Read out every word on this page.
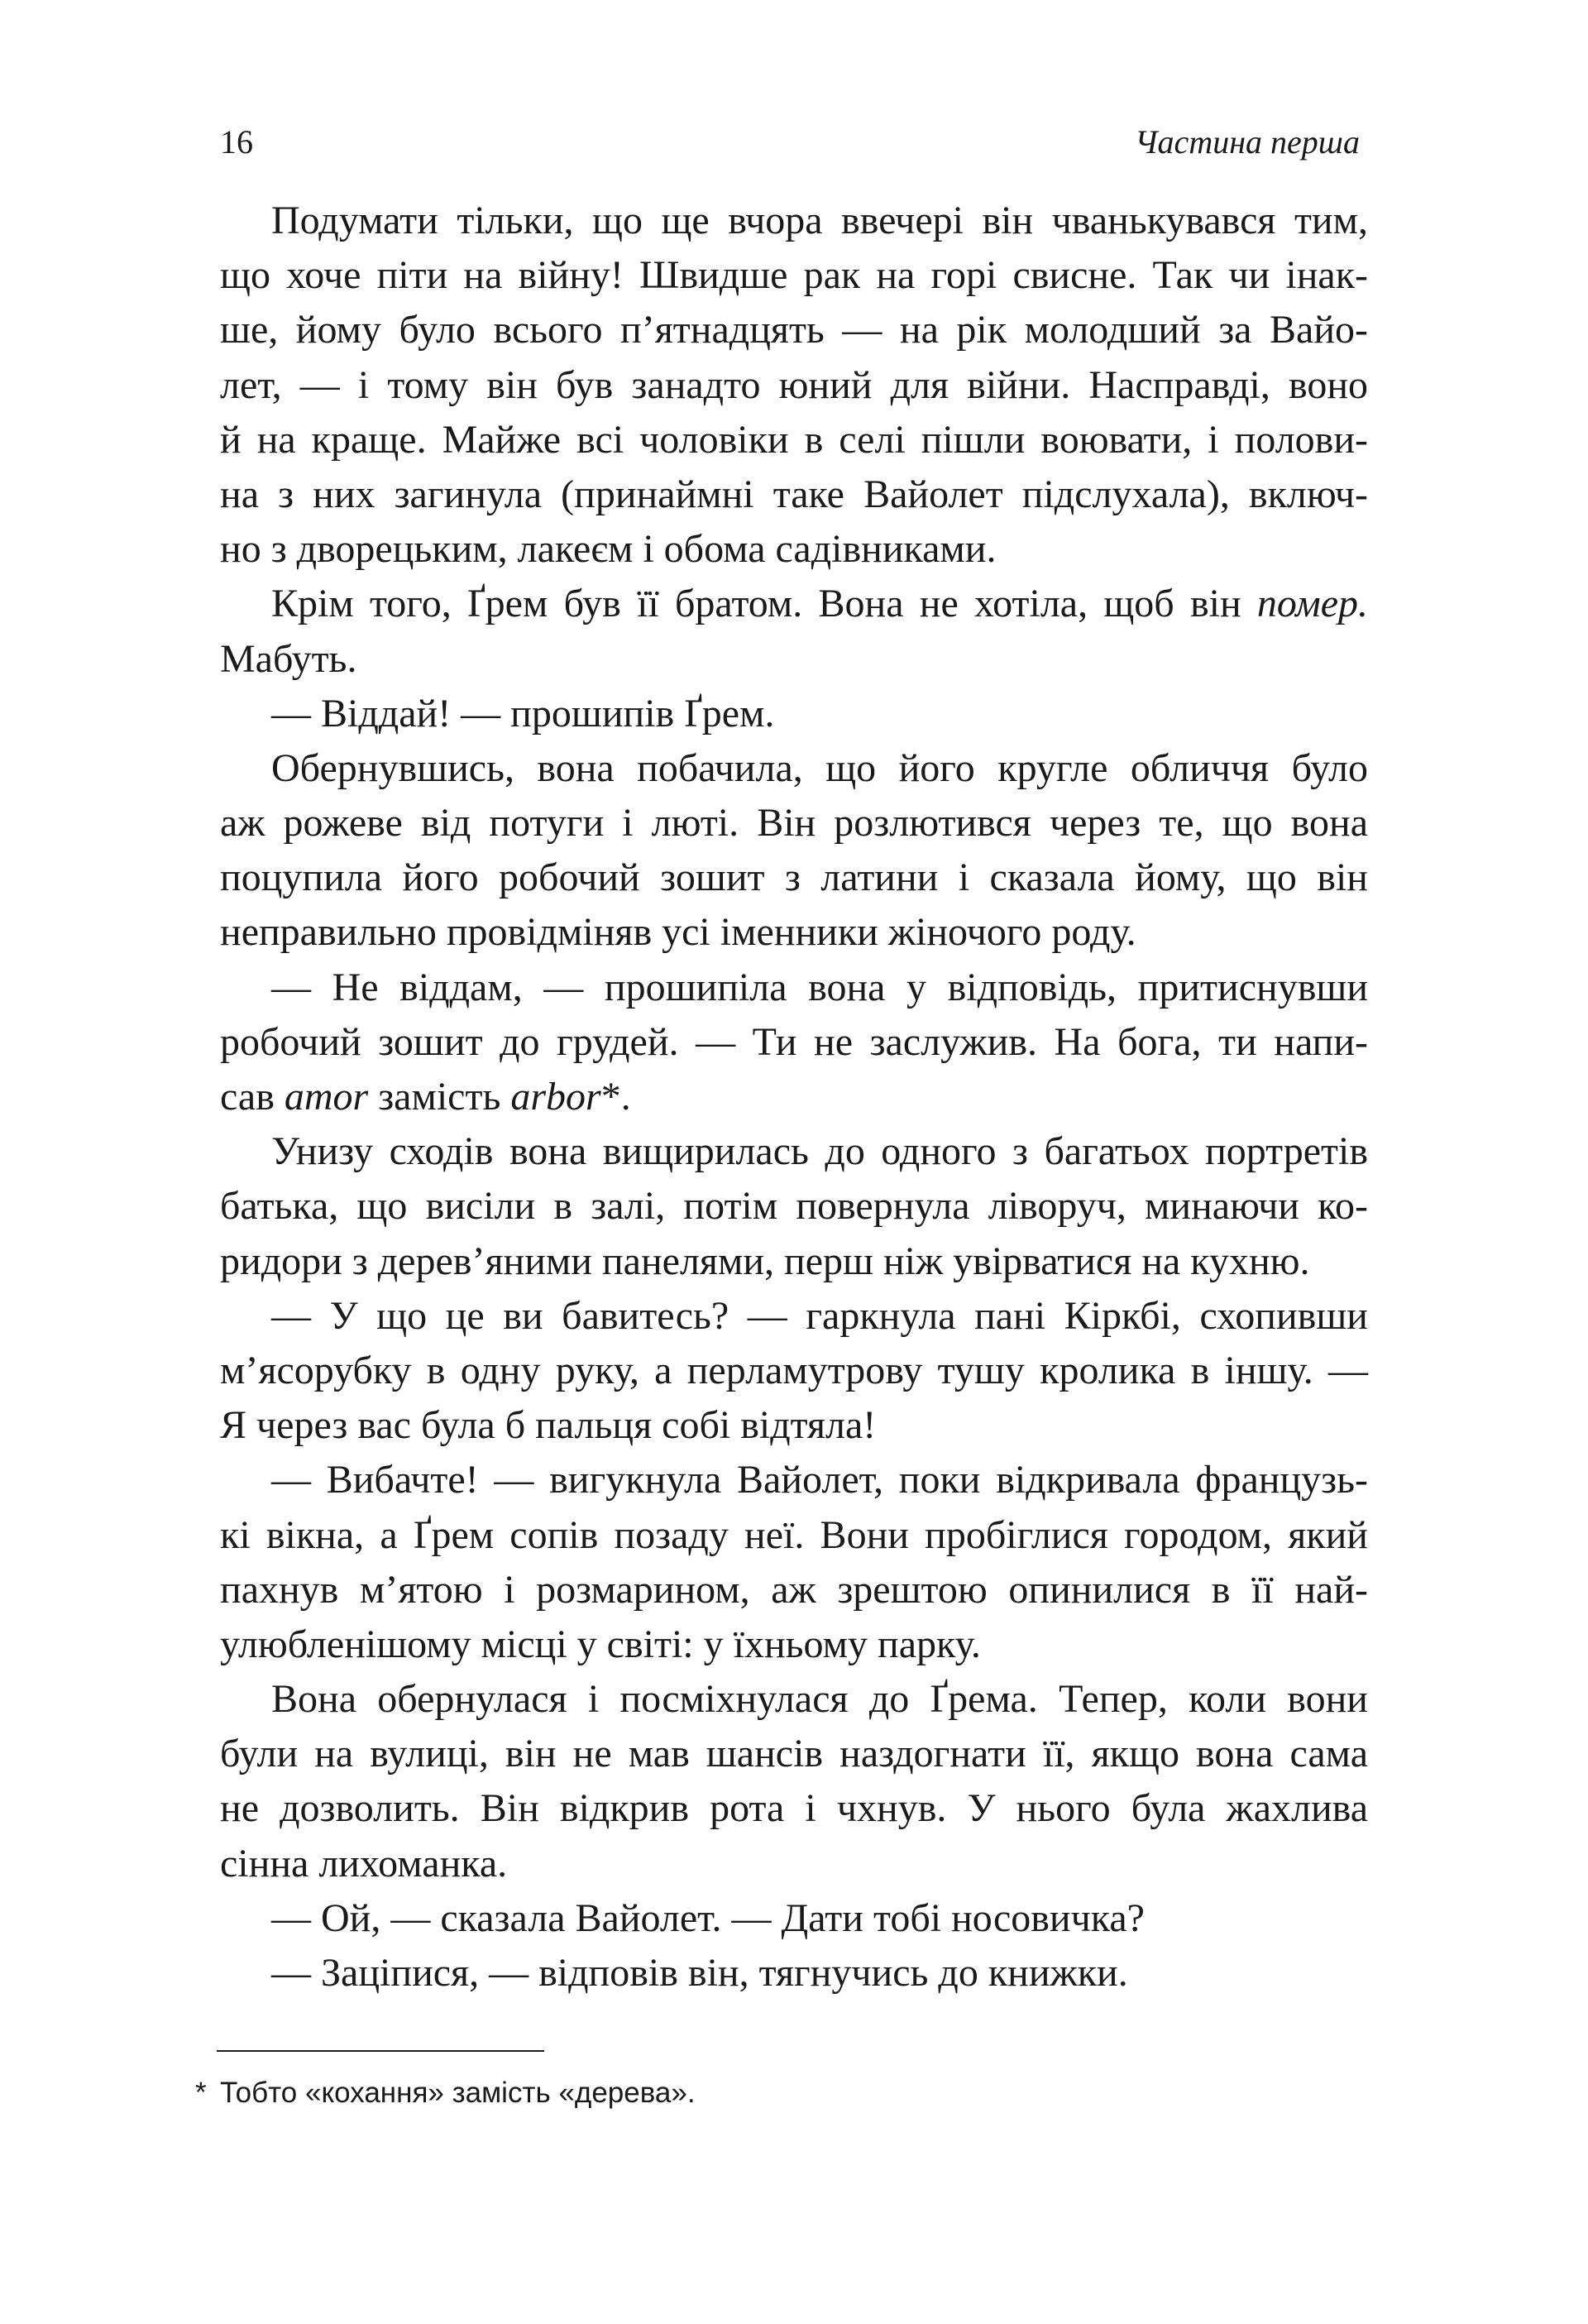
16	Частина перша
Подумати тільки, що ще вчора ввечері він чванькувався тим,
що хоче піти на війну! Швидше рак на горі свисне. Так чи інак-
ше, йому було всього п’ятнадцять — на рік молодший за Вайо-
лет, — і тому він був занадто юний для війни. Насправді, воно
й на краще. Майже всі чоловіки в селі пішли воювати, і полови-
на з них загинула (принаймні таке Вайолет підслухала), включ-
но з дворецьким, лакеєм і обома садівниками.
Крім того, Ґрем був її братом. Вона не хотіла, щоб він помер.
Мабуть.
— Віддай! — прошипів Ґрем.
Обернувшись, вона побачила, що його кругле обличчя було
аж рожеве від потуги і люті. Він розлютився через те, що вона
поцупила його робочий зошит з латини і сказала йому, що він
неправильно провідміняв усі іменники жіночого роду.
— Не віддам, — прошипіла вона у відповідь, притиснувши
робочий зошит до грудей. — Ти не заслужив. На бога, ти напи-
сав amor замість arbor*.
Унизу сходів вона вищирилась до одного з багатьох портретів
батька, що висіли в залі, потім повернула ліворуч, минаючи ко-
ридори з дерев’яними панелями, перш ніж увірватися на кухню.
— У що це ви бавитесь? — гаркнула пані Кіркбі, схопивши
м’ясорубку в одну руку, а перламутрову тушу кролика в іншу. —
Я через вас була б пальця собі відтяла!
— Вибачте! — вигукнула Вайолет, поки відкривала французь-
кі вікна, а Ґрем сопів позаду неї. Вони пробіглися городом, який
пахнув м’ятою і розмарином, аж зрештою опинилися в її най-
улюбленішому місці у світі: у їхньому парку.
Вона обернулася і посміхнулася до Ґрема. Тепер, коли вони
були на вулиці, він не мав шансів наздогнати її, якщо вона сама
не дозволить. Він відкрив рота і чхнув. У нього була жахлива
сінна лихоманка.
— Ой, — сказала Вайолет. — Дати тобі носовичка?
— Заціпися, — відповів він, тягнучись до книжки.
* Тобто «кохання» замість «дерева».
